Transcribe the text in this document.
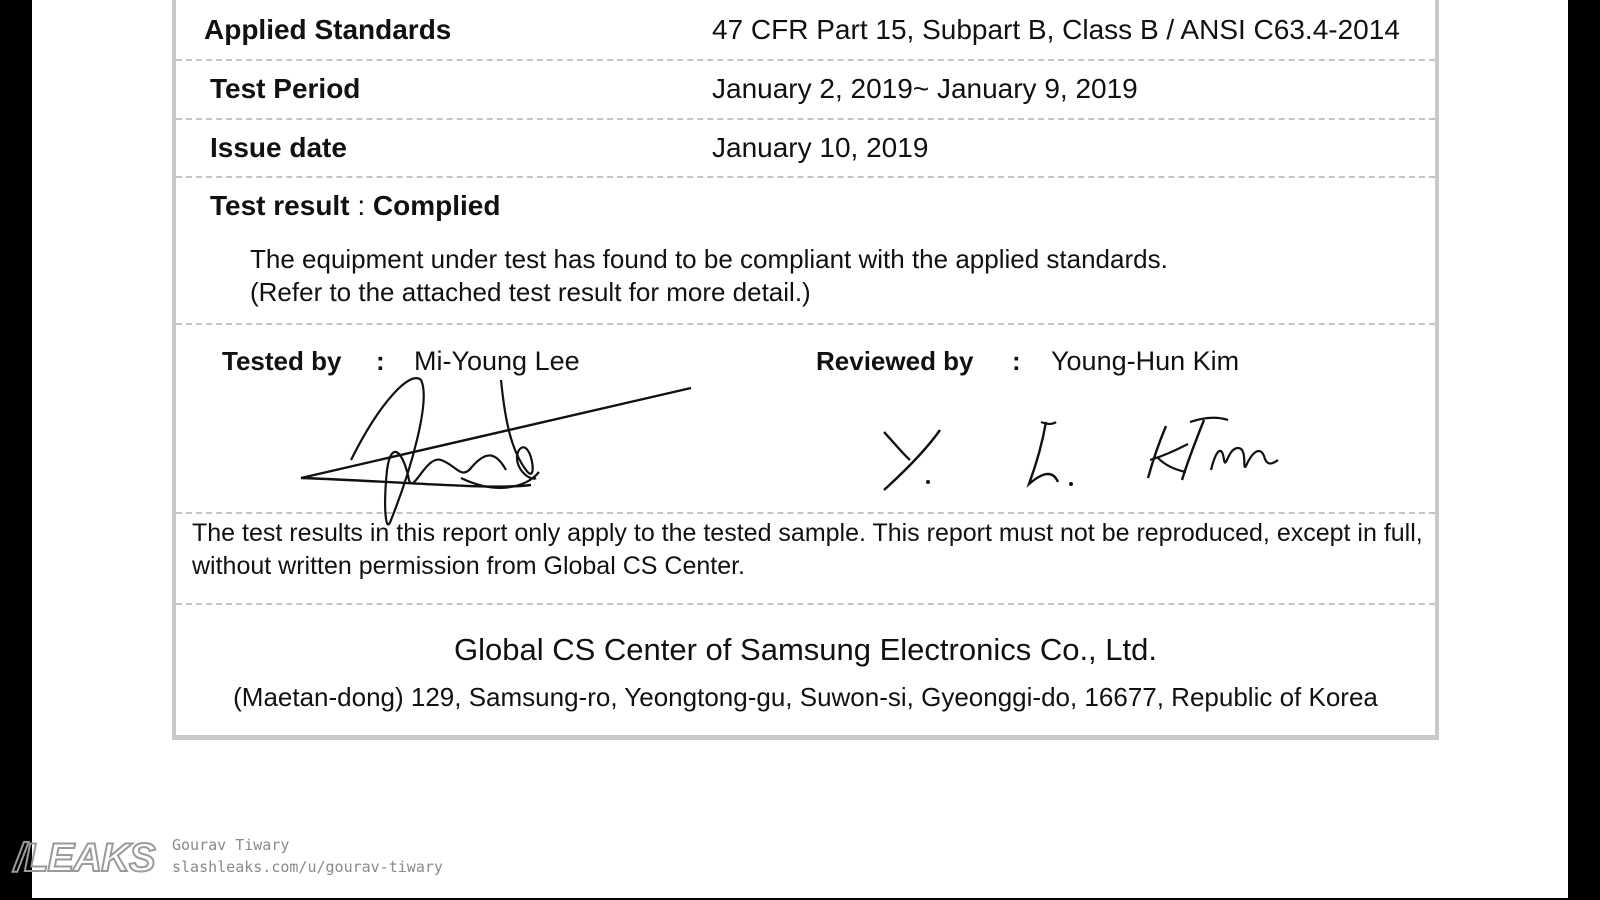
Applied Standards	47 CFR Part 15, Subpart B, Class B / ANSI C63.4-2014
Test Period	January 2, 2019~ January 9, 2019
Issue date	January 10, 2019
Test result : Complied
The equipment under test has found to be compliant with the applied standards.
(Refer to the attached test result for more detail.)
Tested by : Mi-Young Lee	Reviewed by : Young-Hun Kim
The test results in this report only apply to the tested sample. This report must not be reproduced, except in full,
without written permission from Global CS Center.
Global CS Center of Samsung Electronics Co., Ltd.
(Maetan-dong) 129, Samsung-ro, Yeongtong-gu, Suwon-si, Gyeonggi-do, 16677, Republic of Korea
/LEAKS Gourav Tiwary
slashleaks.com/u/gourav-tiwary
